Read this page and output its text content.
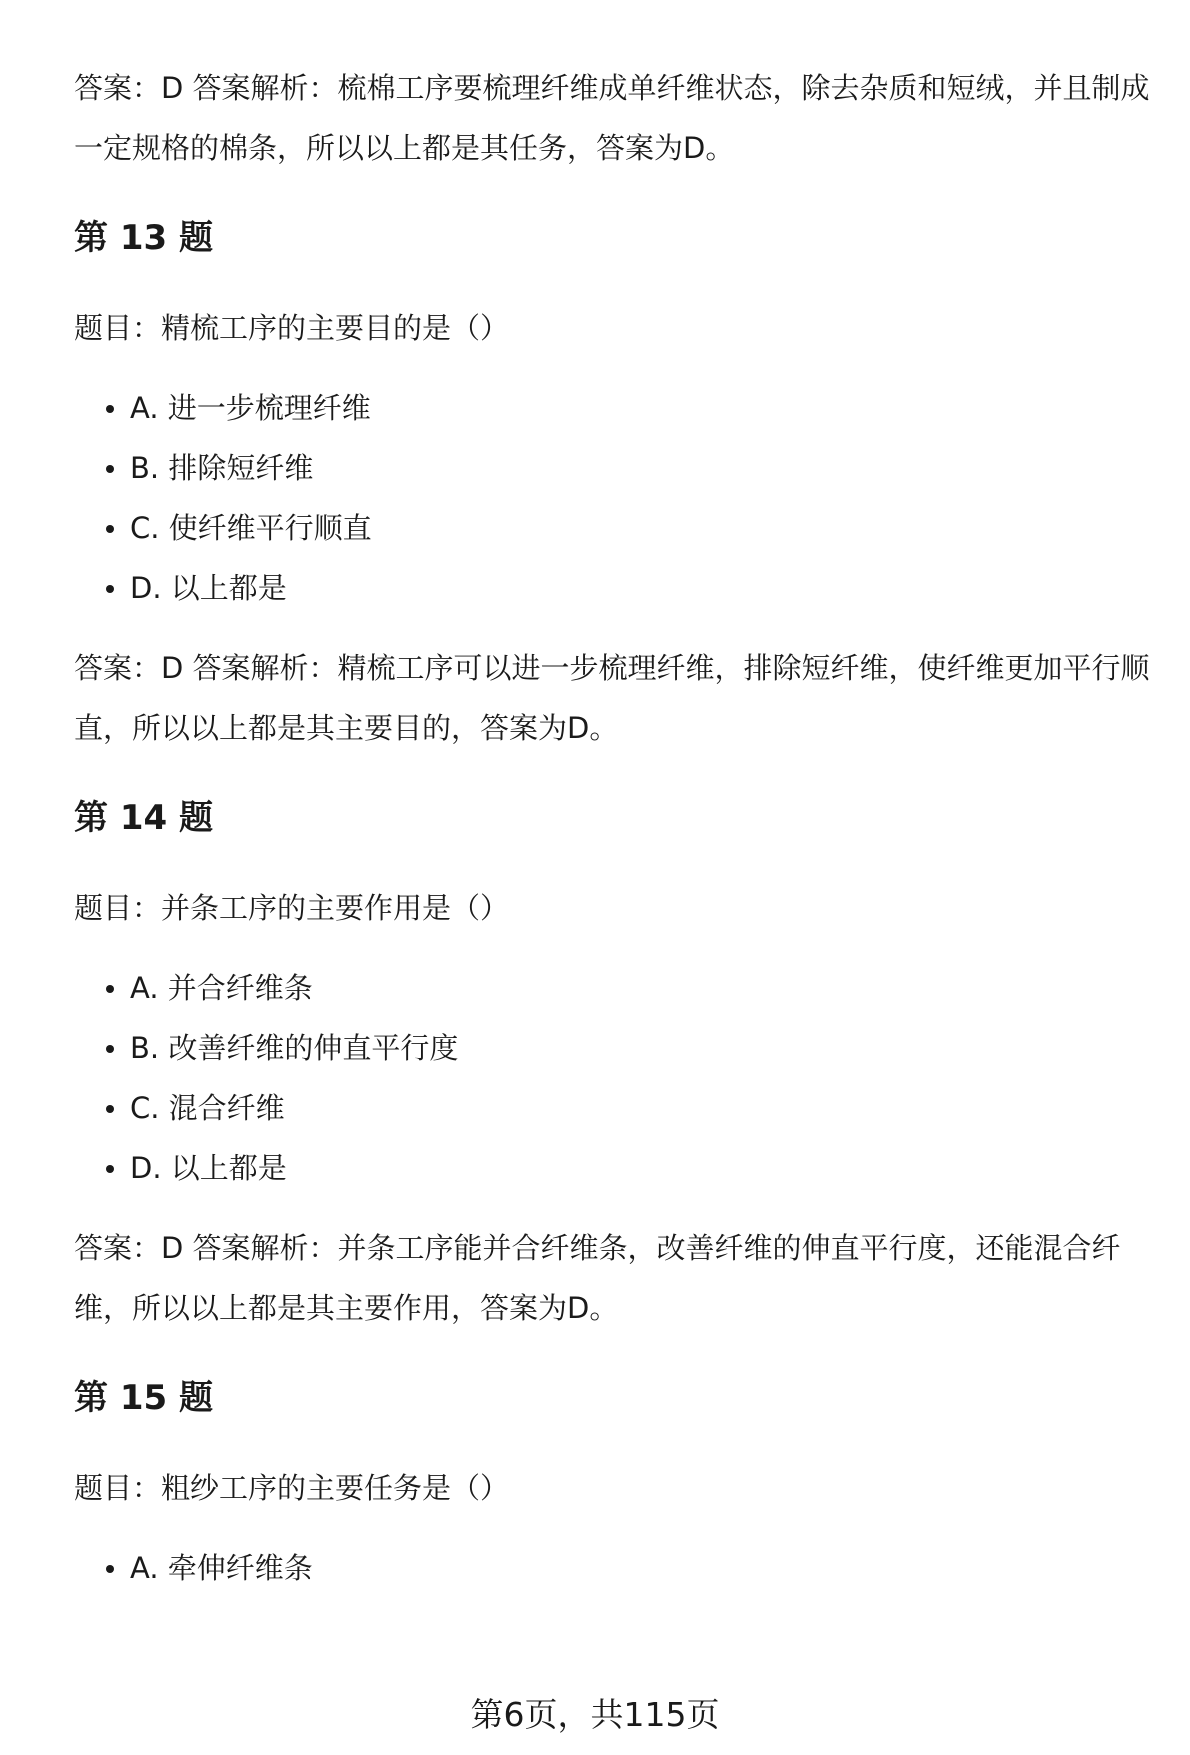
答案：D 答案解析：梳棉工序要梳理纤维成单纤维状态，除去杂质和短绒，并且制成一定规格的棉条，所以以上都是其任务，答案为D。

第 13 题

题目：精梳工序的主要目的是（）

A. 进一步梳理纤维
B. 排除短纤维
C. 使纤维平行顺直
D. 以上都是

答案：D 答案解析：精梳工序可以进一步梳理纤维，排除短纤维，使纤维更加平行顺直，所以以上都是其主要目的，答案为D。

第 14 题

题目：并条工序的主要作用是（）

A. 并合纤维条
B. 改善纤维的伸直平行度
C. 混合纤维
D. 以上都是

答案：D 答案解析：并条工序能并合纤维条，改善纤维的伸直平行度，还能混合纤维，所以以上都是其主要作用，答案为D。

第 15 题

题目：粗纱工序的主要任务是（）

A. 牵伸纤维条
第6页，共115页
